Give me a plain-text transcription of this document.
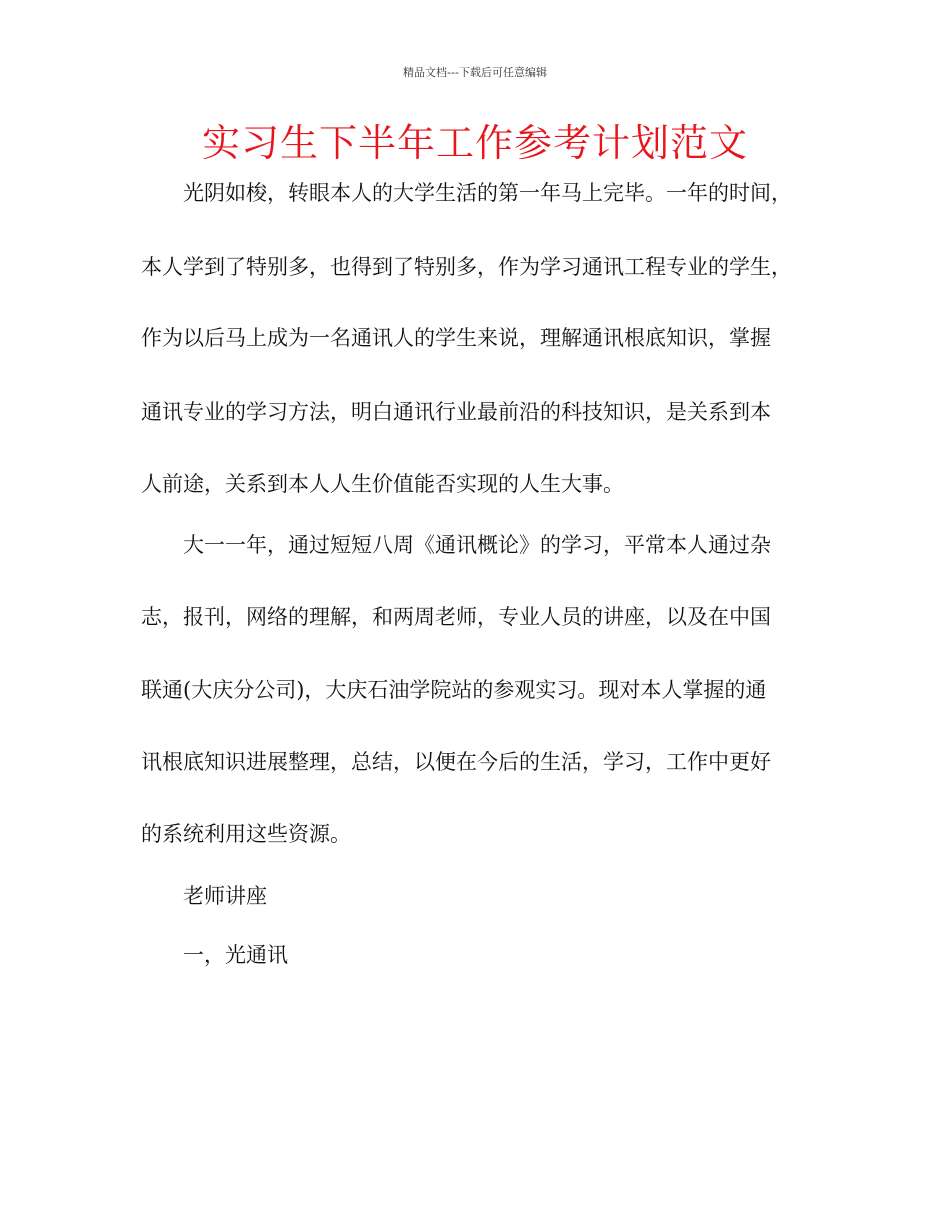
精品文档---下载后可任意编辑
实习生下半年工作参考计划范文
光阴如梭，转眼本人的大学生活的第一年马上完毕。一年的时间，
本人学到了特别多，也得到了特别多，作为学习通讯工程专业的学生，
作为以后马上成为一名通讯人的学生来说，理解通讯根底知识，掌握
通讯专业的学习方法，明白通讯行业最前沿的科技知识，是关系到本
人前途，关系到本人人生价值能否实现的人生大事。
大一一年，通过短短八周《通讯概论》的学习，平常本人通过杂
志，报刊，网络的理解，和两周老师，专业人员的讲座，以及在中国
联通(大庆分公司)，大庆石油学院站的参观实习。现对本人掌握的通
讯根底知识进展整理，总结，以便在今后的生活，学习，工作中更好
的系统利用这些资源。
老师讲座
一，光通讯
